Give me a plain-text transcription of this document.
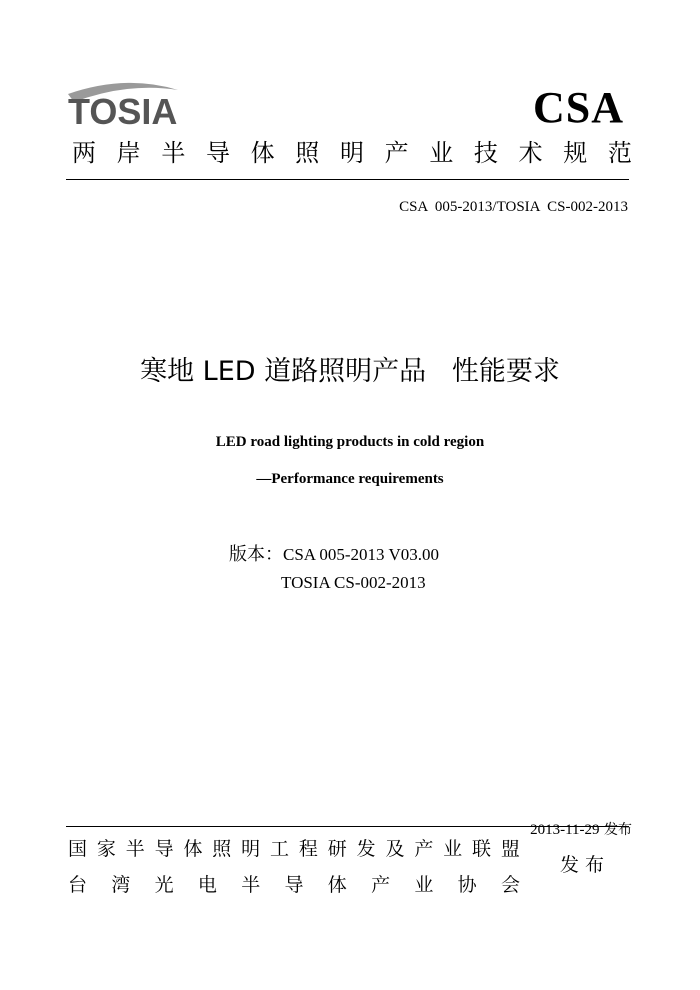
TOSIA	CSA
两 岸 半 导 体 照 明 产 业 技 术 规 范
CSA  005-2013/TOSIA  CS-002-2013
寒地 LED 道路照明产品   性能要求
LED road lighting products in cold region
—Performance requirements
版本：CSA 005-2013 V03.00
TOSIA CS-002-2013

2013-11-29 发布

国 家 半 导 体 照 明 工 程 研 发 及 产 业 联 盟
台 湾 光 电 半 导 体 产 业 协 会
发布
